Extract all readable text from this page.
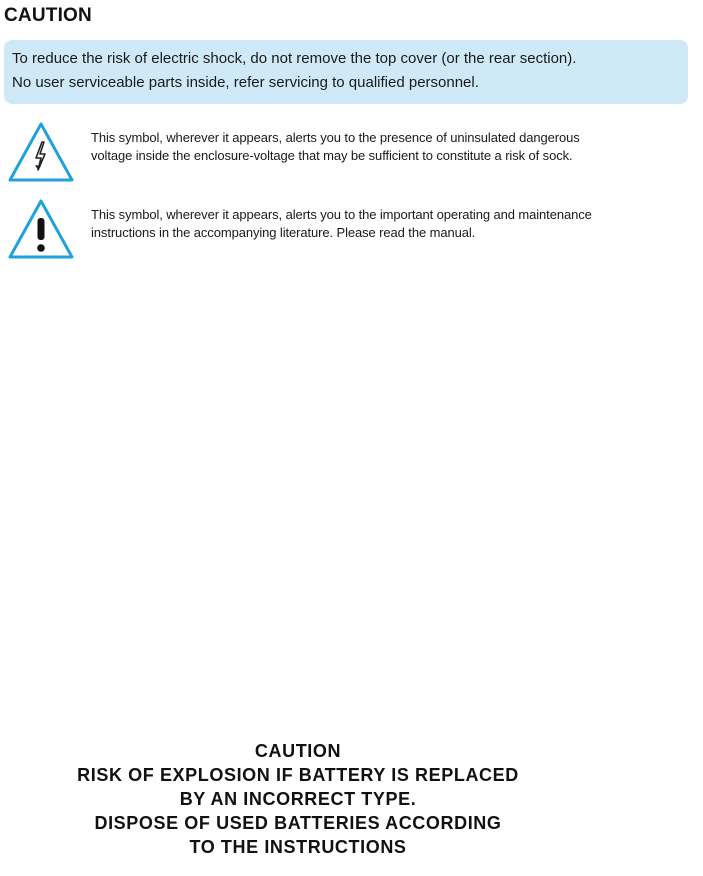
CAUTION
To reduce the risk of electric shock, do not remove the top cover (or the rear section).
No user serviceable parts inside, refer servicing to qualified personnel.
This symbol, wherever it appears, alerts you to the presence of uninsulated dangerous
voltage inside the enclosure-voltage that may be sufficient to constitute a risk of sock.
This symbol, wherever it appears, alerts you to the important operating and maintenance
instructions in the accompanying literature. Please read the manual.
CAUTION
RISK OF EXPLOSION IF BATTERY IS REPLACED
BY AN INCORRECT TYPE.
DISPOSE OF USED BATTERIES ACCORDING
TO THE INSTRUCTIONS
